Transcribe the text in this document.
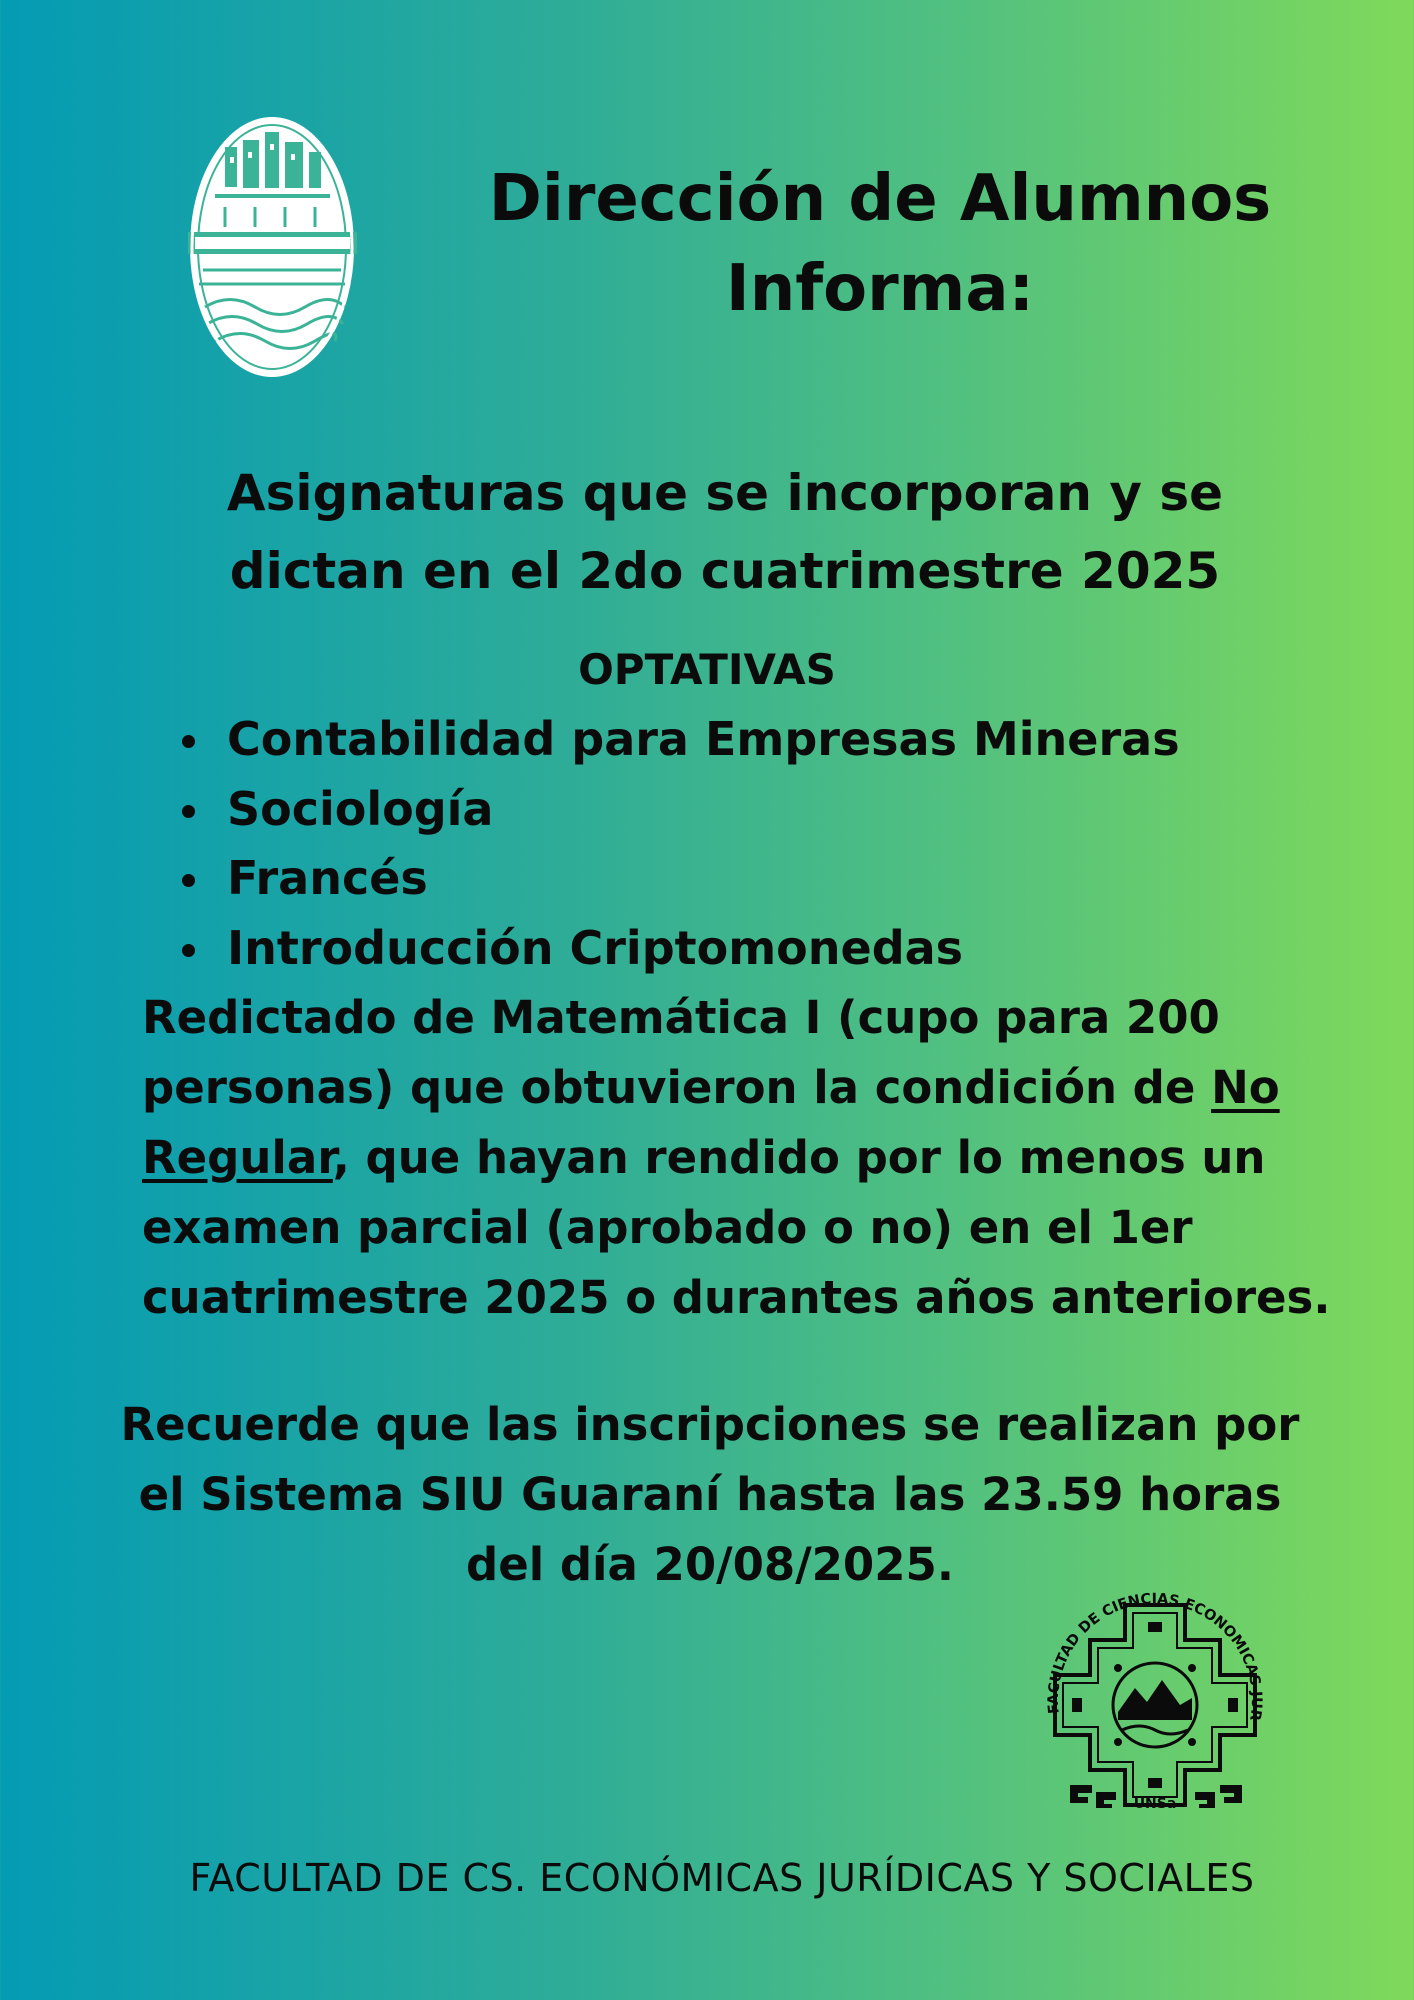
Dirección de Alumnos
Informa:
Asignaturas que se incorporan y se
dictan en el 2do cuatrimestre 2025
OPTATIVAS
Contabilidad para Empresas Mineras
Sociología
Francés
Introducción Criptomonedas
Redictado de Matemática I (cupo para 200 personas) que obtuvieron la condición de No Regular, que hayan rendido por lo menos un examen parcial (aprobado o no) en el 1er cuatrimestre 2025 o durantes años anteriores.
Recuerde que las inscripciones se realizan por
el Sistema SIU Guaraní hasta las 23.59 horas
del día 20/08/2025.
FACULTAD DE CIENCIAS ECONOMICAS JUR
UNSa
FACULTAD DE CS. ECONÓMICAS JURÍDICAS Y SOCIALES
